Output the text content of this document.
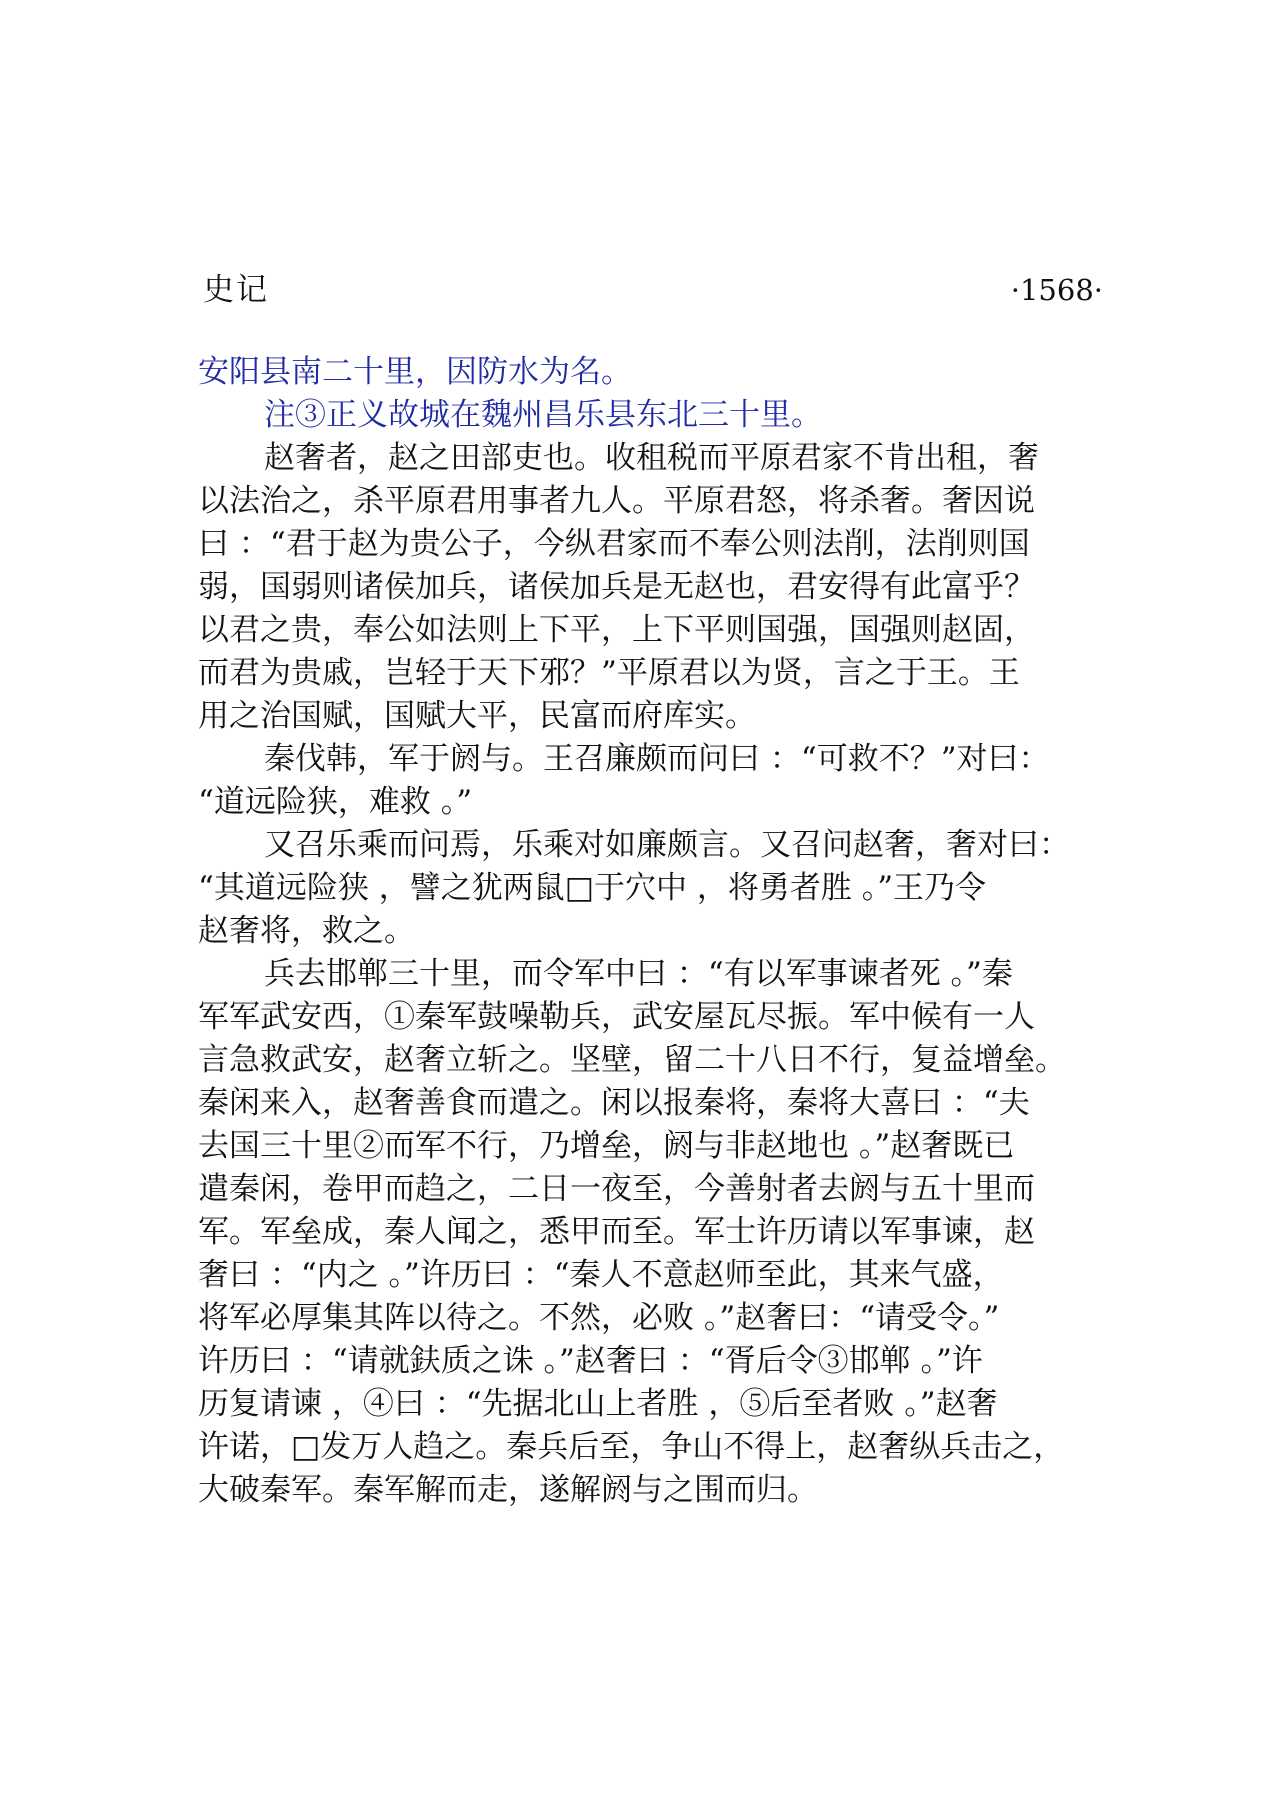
史记	·1568·
安阳县南二十里，因防水为名。
注③正义故城在魏州昌乐县东北三十里。
赵奢者，赵之田部吏也。收租税而平原君家不肯出租，奢
以法治之，杀平原君用事者九人。平原君怒，将杀奢。奢因说
曰 ：“君于赵为贵公子，今纵君家而不奉公则法削，法削则国
弱，国弱则诸侯加兵，诸侯加兵是无赵也，君安得有此富乎？
以君之贵，奉公如法则上下平，上下平则国强，国强则赵固，
而君为贵戚，岂轻于天下邪？”平原君以为贤，言之于王。王
用之治国赋，国赋大平，民富而府库实。
秦伐韩，军于阏与。王召廉颇而问曰 ：“可救不？”对曰：
“道远险狭，难救 。”
又召乐乘而问焉，乐乘对如廉颇言。又召问赵奢，奢对曰：
“其道远险狭 ，譬之犹两鼠□于穴中 ，将勇者胜 。”王乃令
赵奢将，救之。
兵去邯郸三十里，而令军中曰 ：“有以军事谏者死 。”秦
军军武安西，①秦军鼓噪勒兵，武安屋瓦尽振。军中候有一人
言急救武安，赵奢立斩之。坚壁，留二十八日不行，复益增垒。
秦闲来入，赵奢善食而遣之。闲以报秦将，秦将大喜曰 ：“夫
去国三十里②而军不行，乃增垒，阏与非赵地也 。”赵奢既已
遣秦闲，卷甲而趋之，二日一夜至，今善射者去阏与五十里而
军。军垒成，秦人闻之，悉甲而至。军士许历请以军事谏，赵
奢曰 ：“内之 。”许历曰 ：“秦人不意赵师至此，其来气盛，
将军必厚集其阵以待之。不然，必败 。”赵奢曰：“请受令。”
许历曰 ：“请就鈇质之诛 。”赵奢曰 ：“胥后令③邯郸 。”许
历复请谏 ，④曰 ：“先据北山上者胜 ，⑤后至者败 。”赵奢
许诺，□发万人趋之。秦兵后至，争山不得上，赵奢纵兵击之，
大破秦军。秦军解而走，遂解阏与之围而归。
